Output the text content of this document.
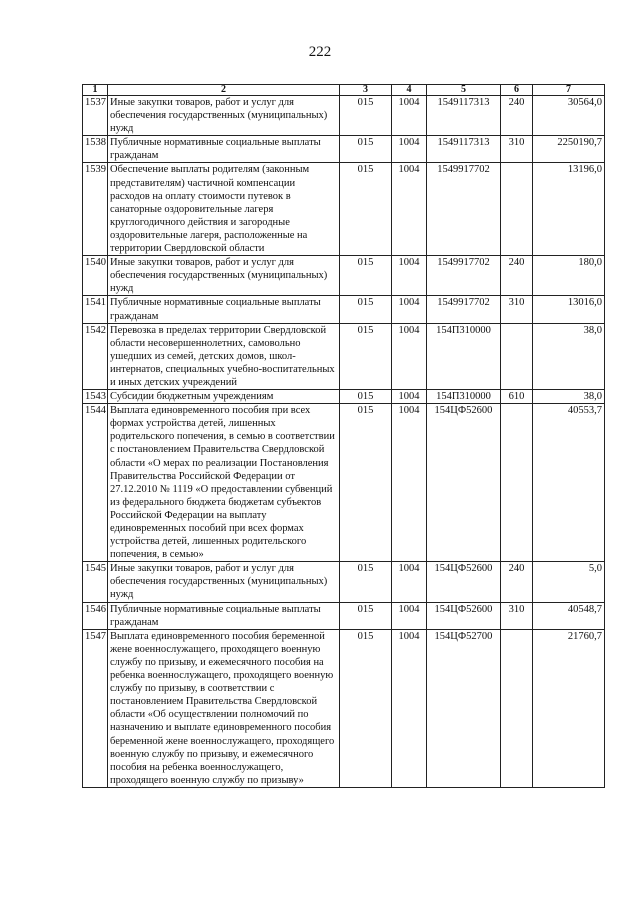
222
1	2	3	4	5	6	7
1537	Иные закупки товаров, работ и услуг для обеспечения государственных (муниципальных) нужд	015	1004	1549117313	240	30564,0
1538	Публичные нормативные социальные выплаты гражданам	015	1004	1549117313	310	2250190,7
1539	Обеспечение выплаты родителям (законным представителям) частичной компенсации расходов на оплату стоимости путевок в санаторные оздоровительные лагеря круглогодичного действия и загородные оздоровительные лагеря, расположенные на территории Свердловской области	015	1004	1549917702		13196,0
1540	Иные закупки товаров, работ и услуг для обеспечения государственных (муниципальных) нужд	015	1004	1549917702	240	180,0
1541	Публичные нормативные социальные выплаты гражданам	015	1004	1549917702	310	13016,0
1542	Перевозка в пределах территории Свердловской области несовершеннолетних, самовольно ушедших из семей, детских домов, школ-интернатов, специальных учебно-воспитательных и иных детских учреждений	015	1004	154П310000		38,0
1543	Субсидии бюджетным учреждениям	015	1004	154П310000	610	38,0
1544	Выплата единовременного пособия при всех формах устройства детей, лишенных родительского попечения, в семью в соответствии с постановлением Правительства Свердловской области «О мерах по реализации Постановления Правительства Российской Федерации от 27.12.2010 № 1119 «О предоставлении субвенций из федерального бюджета бюджетам субъектов Российской Федерации на выплату единовременных пособий при всех формах устройства детей, лишенных родительского попечения, в семью»	015	1004	154ЦФ52600		40553,7
1545	Иные закупки товаров, работ и услуг для обеспечения государственных (муниципальных) нужд	015	1004	154ЦФ52600	240	5,0
1546	Публичные нормативные социальные выплаты гражданам	015	1004	154ЦФ52600	310	40548,7
1547	Выплата единовременного пособия беременной жене военнослужащего, проходящего военную службу по призыву, и ежемесячного пособия на ребенка военнослужащего, проходящего военную службу по призыву, в соответствии с постановлением Правительства Свердловской области «Об осуществлении полномочий по назначению и выплате единовременного пособия беременной жене военнослужащего, проходящего военную службу по призыву, и ежемесячного пособия на ребенка военнослужащего, проходящего военную службу по призыву»	015	1004	154ЦФ52700		21760,7
